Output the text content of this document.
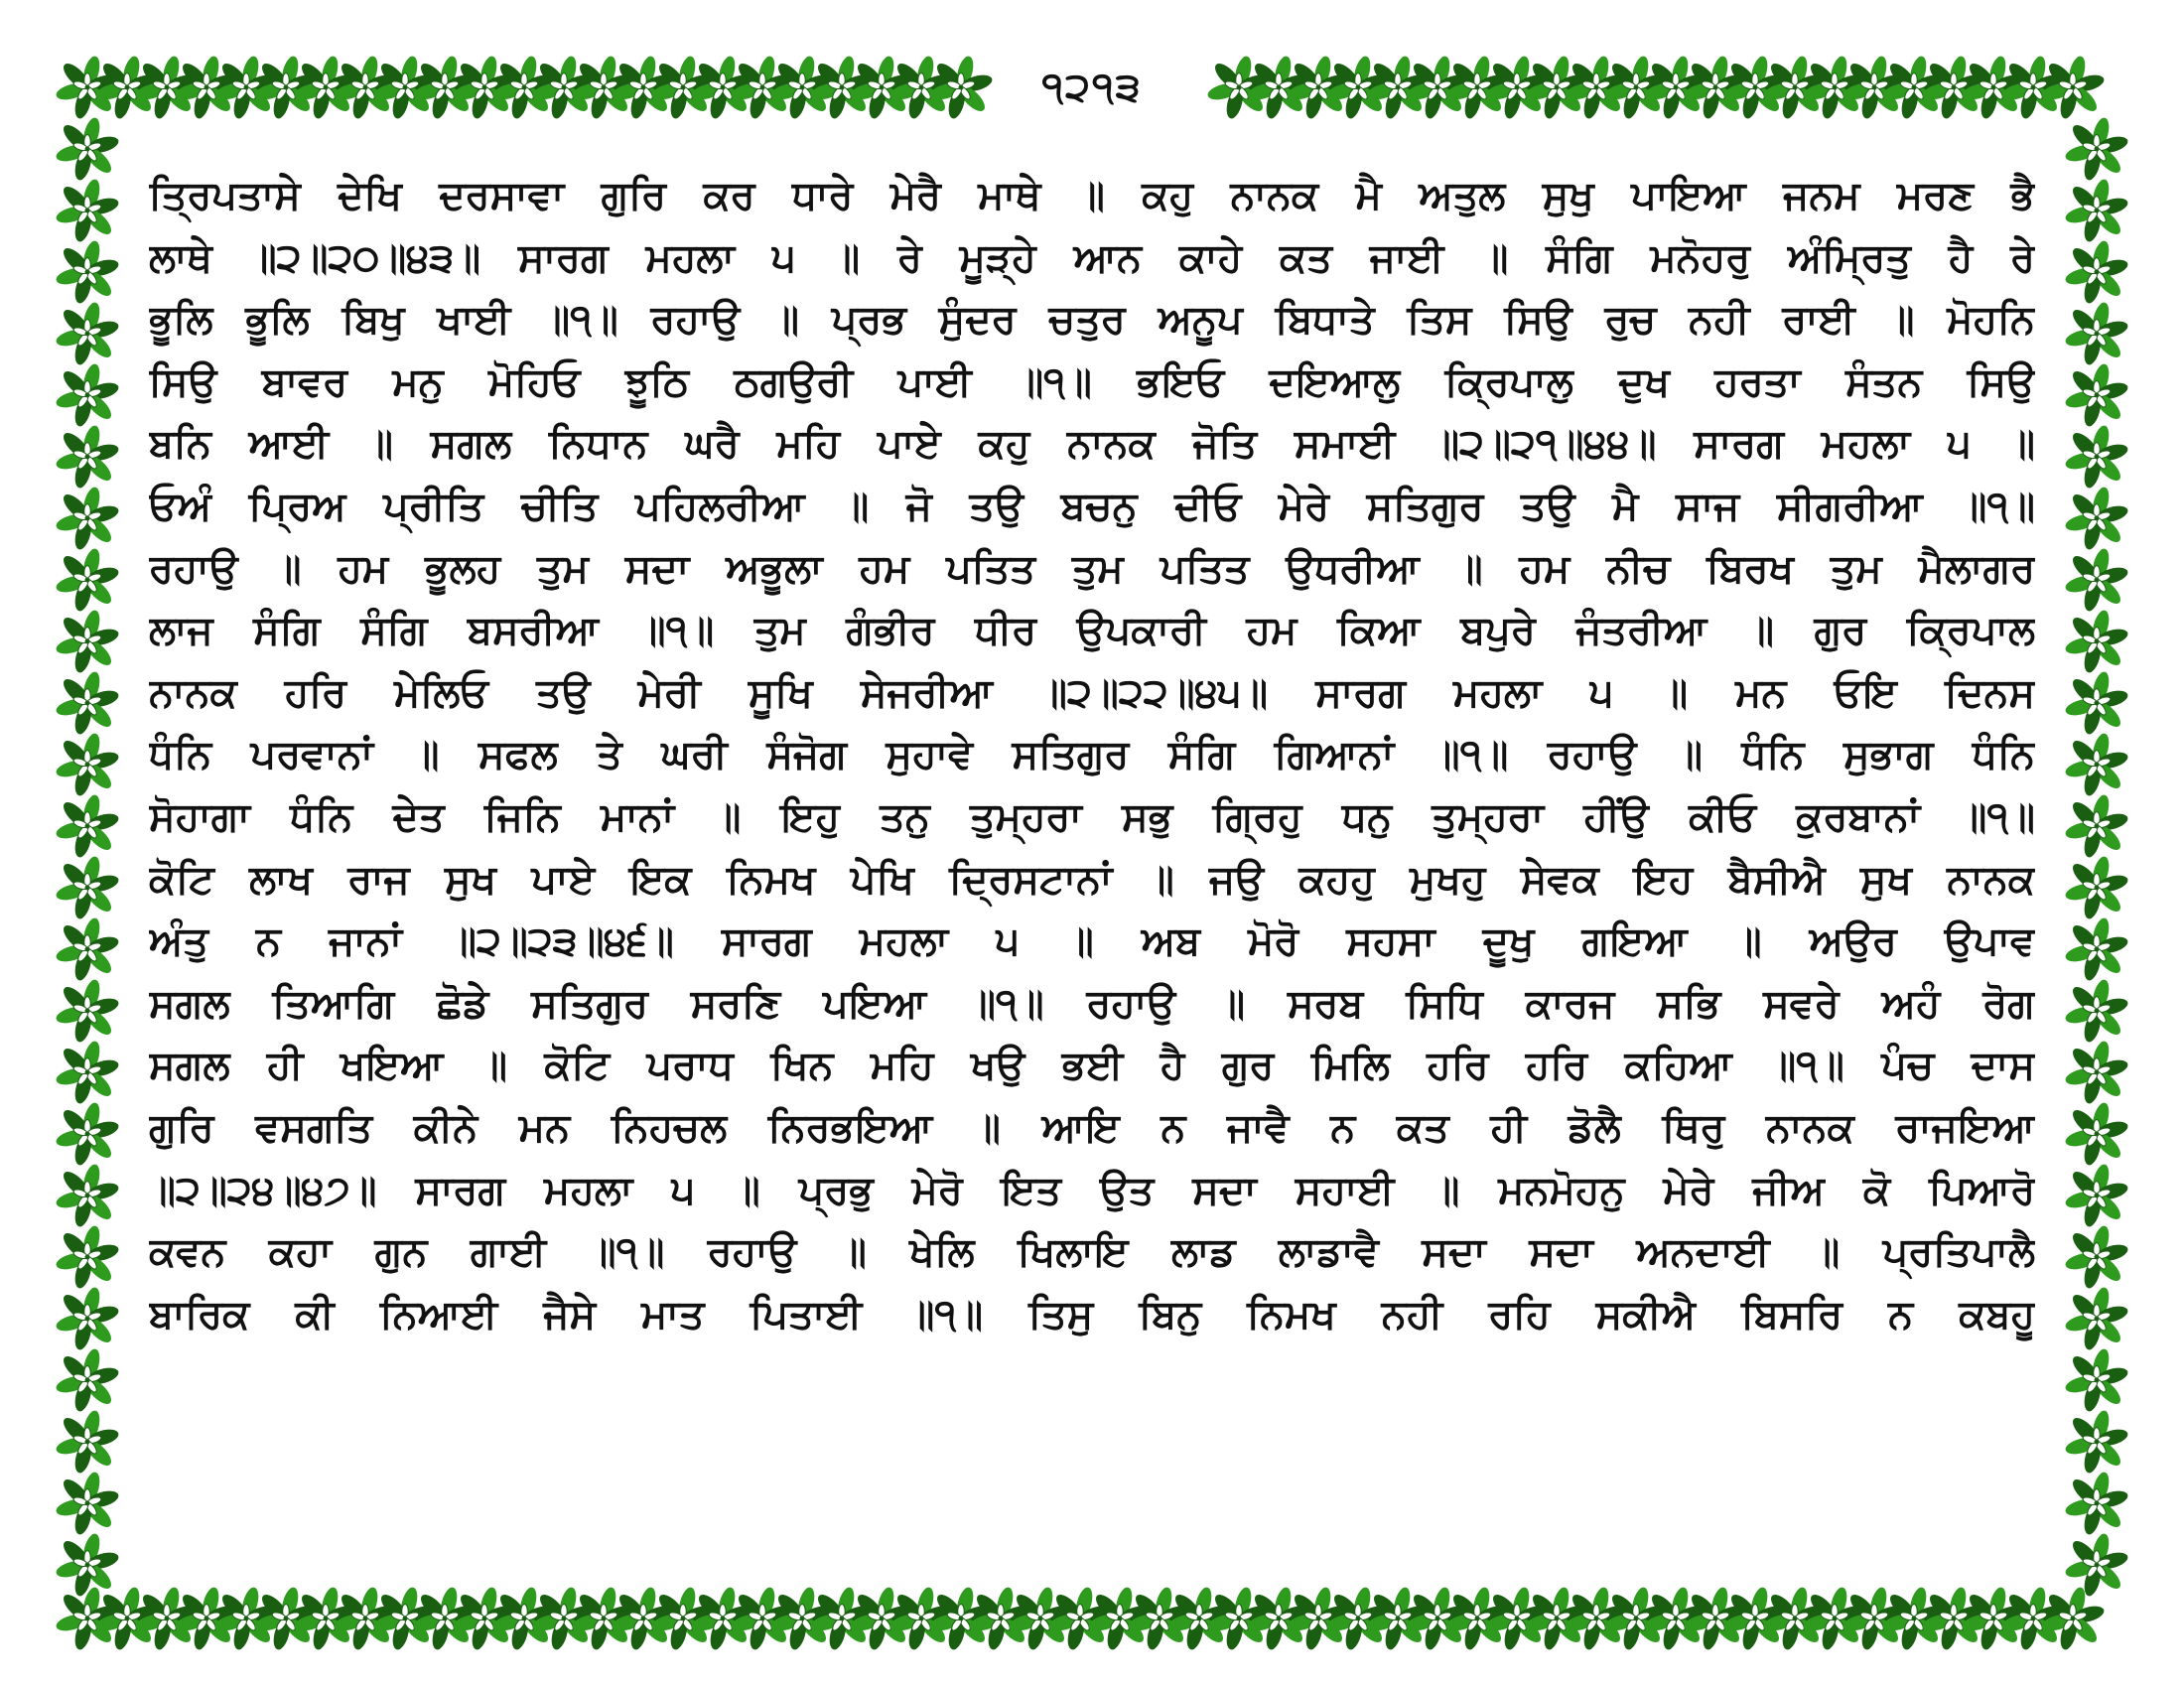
੧੨੧੩
ਤ੍ਰਿਪਤਾਸੇ ਦੇਖਿ ਦਰਸਾਵਾ ਗੁਰਿ ਕਰ ਧਾਰੇ ਮੇਰੈ ਮਾਥੇ ॥ ਕਹੁ ਨਾਨਕ ਮੈ ਅਤੁਲ ਸੁਖੁ ਪਾਇਆ ਜਨਮ ਮਰਣ ਭੈ
ਲਾਥੇ ॥੨॥੨੦॥੪੩॥ ਸਾਰਗ ਮਹਲਾ ੫ ॥ ਰੇ ਮੂੜ੍ਹੇ ਆਨ ਕਾਹੇ ਕਤ ਜਾਈ ॥ ਸੰਗਿ ਮਨੋਹਰੁ ਅੰਮ੍ਰਿਤੁ ਹੈ ਰੇ
ਭੂਲਿ ਭੂਲਿ ਬਿਖੁ ਖਾਈ ॥੧॥ ਰਹਾਉ ॥ ਪ੍ਰਭ ਸੁੰਦਰ ਚਤੁਰ ਅਨੂਪ ਬਿਧਾਤੇ ਤਿਸ ਸਿਉ ਰੁਚ ਨਹੀ ਰਾਈ ॥ ਮੋਹਨਿ
ਸਿਉ ਬਾਵਰ ਮਨੁ ਮੋਹਿਓ ਝੂਠਿ ਠਗਉਰੀ ਪਾਈ ॥੧॥ ਭਇਓ ਦਇਆਲੁ ਕ੍ਰਿਪਾਲੁ ਦੁਖ ਹਰਤਾ ਸੰਤਨ ਸਿਉ
ਬਨਿ ਆਈ ॥ ਸਗਲ ਨਿਧਾਨ ਘਰੈ ਮਹਿ ਪਾਏ ਕਹੁ ਨਾਨਕ ਜੋਤਿ ਸਮਾਈ ॥੨॥੨੧॥੪੪॥ ਸਾਰਗ ਮਹਲਾ ੫ ॥
ਓਅੰ ਪ੍ਰਿਅ ਪ੍ਰੀਤਿ ਚੀਤਿ ਪਹਿਲਰੀਆ ॥ ਜੋ ਤਉ ਬਚਨੁ ਦੀਓ ਮੇਰੇ ਸਤਿਗੁਰ ਤਉ ਮੈ ਸਾਜ ਸੀਗਰੀਆ ॥੧॥
ਰਹਾਉ ॥ ਹਮ ਭੂਲਹ ਤੁਮ ਸਦਾ ਅਭੂਲਾ ਹਮ ਪਤਿਤ ਤੁਮ ਪਤਿਤ ਉਧਰੀਆ ॥ ਹਮ ਨੀਚ ਬਿਰਖ ਤੁਮ ਮੈਲਾਗਰ
ਲਾਜ ਸੰਗਿ ਸੰਗਿ ਬਸਰੀਆ ॥੧॥ ਤੁਮ ਗੰਭੀਰ ਧੀਰ ਉਪਕਾਰੀ ਹਮ ਕਿਆ ਬਪੁਰੇ ਜੰਤਰੀਆ ॥ ਗੁਰ ਕ੍ਰਿਪਾਲ
ਨਾਨਕ ਹਰਿ ਮੇਲਿਓ ਤਉ ਮੇਰੀ ਸੂਖਿ ਸੇਜਰੀਆ ॥੨॥੨੨॥੪੫॥ ਸਾਰਗ ਮਹਲਾ ੫ ॥ ਮਨ ਓਇ ਦਿਨਸ
ਧੰਨਿ ਪਰਵਾਨਾਂ ॥ ਸਫਲ ਤੇ ਘਰੀ ਸੰਜੋਗ ਸੁਹਾਵੇ ਸਤਿਗੁਰ ਸੰਗਿ ਗਿਆਨਾਂ ॥੧॥ ਰਹਾਉ ॥ ਧੰਨਿ ਸੁਭਾਗ ਧੰਨਿ
ਸੋਹਾਗਾ ਧੰਨਿ ਦੇਤ ਜਿਨਿ ਮਾਨਾਂ ॥ ਇਹੁ ਤਨੁ ਤੁਮ੍ਹਰਾ ਸਭੁ ਗ੍ਰਿਹੁ ਧਨੁ ਤੁਮ੍ਹਰਾ ਹੀਂਉ ਕੀਓ ਕੁਰਬਾਨਾਂ ॥੧॥
ਕੋਟਿ ਲਾਖ ਰਾਜ ਸੁਖ ਪਾਏ ਇਕ ਨਿਮਖ ਪੇਖਿ ਦ੍ਰਿਸਟਾਨਾਂ ॥ ਜਉ ਕਹਹੁ ਮੁਖਹੁ ਸੇਵਕ ਇਹ ਬੈਸੀਐ ਸੁਖ ਨਾਨਕ
ਅੰਤੁ ਨ ਜਾਨਾਂ ॥੨॥੨੩॥੪੬॥ ਸਾਰਗ ਮਹਲਾ ੫ ॥ ਅਬ ਮੋਰੋ ਸਹਸਾ ਦੂਖੁ ਗਇਆ ॥ ਅਉਰ ਉਪਾਵ
ਸਗਲ ਤਿਆਗਿ ਛੋਡੇ ਸਤਿਗੁਰ ਸਰਣਿ ਪਇਆ ॥੧॥ ਰਹਾਉ ॥ ਸਰਬ ਸਿਧਿ ਕਾਰਜ ਸਭਿ ਸਵਰੇ ਅਹੰ ਰੋਗ
ਸਗਲ ਹੀ ਖਇਆ ॥ ਕੋਟਿ ਪਰਾਧ ਖਿਨ ਮਹਿ ਖਉ ਭਈ ਹੈ ਗੁਰ ਮਿਲਿ ਹਰਿ ਹਰਿ ਕਹਿਆ ॥੧॥ ਪੰਚ ਦਾਸ
ਗੁਰਿ ਵਸਗਤਿ ਕੀਨੇ ਮਨ ਨਿਹਚਲ ਨਿਰਭਇਆ ॥ ਆਇ ਨ ਜਾਵੈ ਨ ਕਤ ਹੀ ਡੋਲੈ ਥਿਰੁ ਨਾਨਕ ਰਾਜਇਆ
॥੨॥੨੪॥੪੭॥ ਸਾਰਗ ਮਹਲਾ ੫ ॥ ਪ੍ਰਭੁ ਮੇਰੋ ਇਤ ਉਤ ਸਦਾ ਸਹਾਈ ॥ ਮਨਮੋਹਨੁ ਮੇਰੇ ਜੀਅ ਕੋ ਪਿਆਰੋ
ਕਵਨ ਕਹਾ ਗੁਨ ਗਾਈ ॥੧॥ ਰਹਾਉ ॥ ਖੇਲਿ ਖਿਲਾਇ ਲਾਡ ਲਾਡਾਵੈ ਸਦਾ ਸਦਾ ਅਨਦਾਈ ॥ ਪ੍ਰਤਿਪਾਲੈ
ਬਾਰਿਕ ਕੀ ਨਿਆਈ ਜੈਸੇ ਮਾਤ ਪਿਤਾਈ ॥੧॥ ਤਿਸੁ ਬਿਨੁ ਨਿਮਖ ਨਹੀ ਰਹਿ ਸਕੀਐ ਬਿਸਰਿ ਨ ਕਬਹੂ
